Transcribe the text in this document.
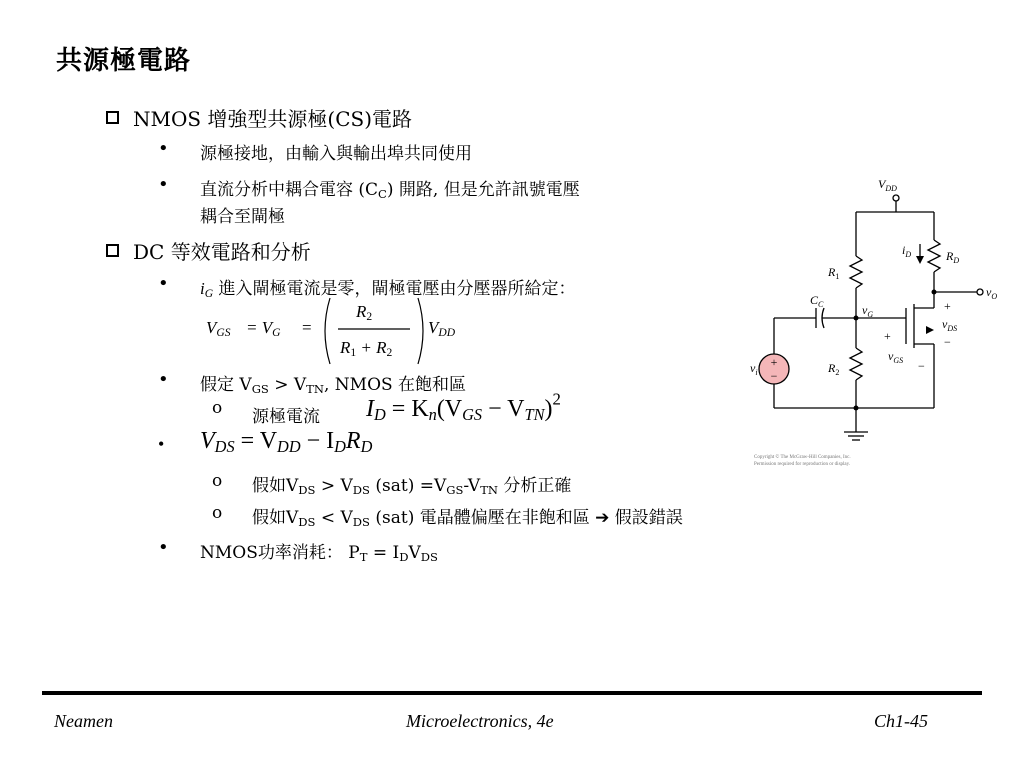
共源極電路
NMOS 增強型共源極(CS)電路
• 源極接地，由輸入與輸出埠共同使用
• 直流分析中耦合電容 $(C_C)$ 開路, 但是允許訊號電壓
耦合至閘極
DC 等效電路和分析
• $i_G$ 進入閘極電流是零，閘極電壓由分壓器所給定：
$V_{GS} = V_G$ =
$R_2$
$R_1 + R_2$
$V_{DD}$
• 假定 $V_{GS} > V_{TN}$, NMOS 在飽和區
o 源極電流 $I_D = K_n(V_{GS} - V_{TN})^2$
• $V_{DS} = V_{DD} - I_DR_D$
o 假如$V_{DS} > V_{DS}$ $(sat) =V_{GS}-V_{TN}$ 分析正確
o 假如$V_{DS} < V_{DS}$ (sat) 電晶體偏壓在非飽和區 ➔ 假設錯誤
• NMOS功率消耗： $P_T = I_DV_{DS}$
+
−
$V_{DD}$
$R_1$
$R_2$
$R_D$
$i_D$
$C_C$	$v_G$
$v_{GS}$
$v_{DS}$
$v_O$
$v_i$
+
−
+
−
Copyright © The McGraw-Hill Companies, Inc.
Permission required for reproduction or display.
Neamen	Microelectronics, 4e	Ch1-45
